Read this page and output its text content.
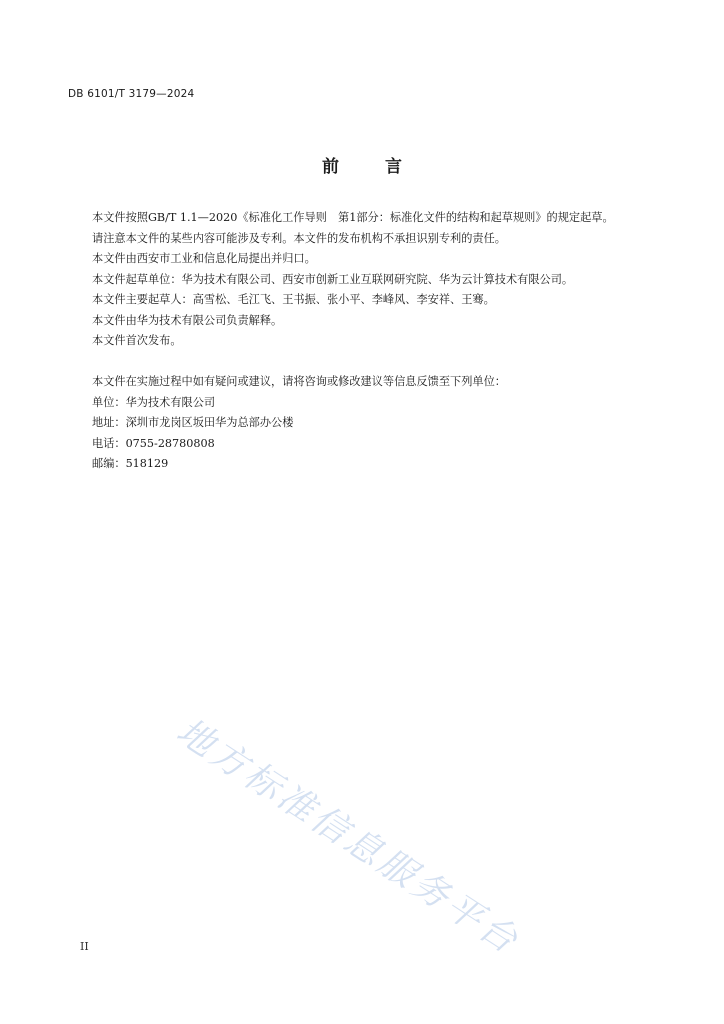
DB 6101/T 3179—2024
前	言

本文件按照GB/T 1.1—2020《标准化工作导则　第1部分：标准化文件的结构和起草规则》的规定起草。

请注意本文件的某些内容可能涉及专利。本文件的发布机构不承担识别专利的责任。

本文件由西安市工业和信息化局提出并归口。

本文件起草单位：华为技术有限公司、西安市创新工业互联网研究院、华为云计算技术有限公司。

本文件主要起草人：高雪松、毛江飞、王书振、张小平、李峰风、李安祥、王骞。

本文件由华为技术有限公司负责解释。

本文件首次发布。

本文件在实施过程中如有疑问或建议，请将咨询或修改建议等信息反馈至下列单位：

单位：华为技术有限公司

地址：深圳市龙岗区坂田华为总部办公楼

电话：0755-28780808

邮编：518129

地方标准信息服务平台
II
